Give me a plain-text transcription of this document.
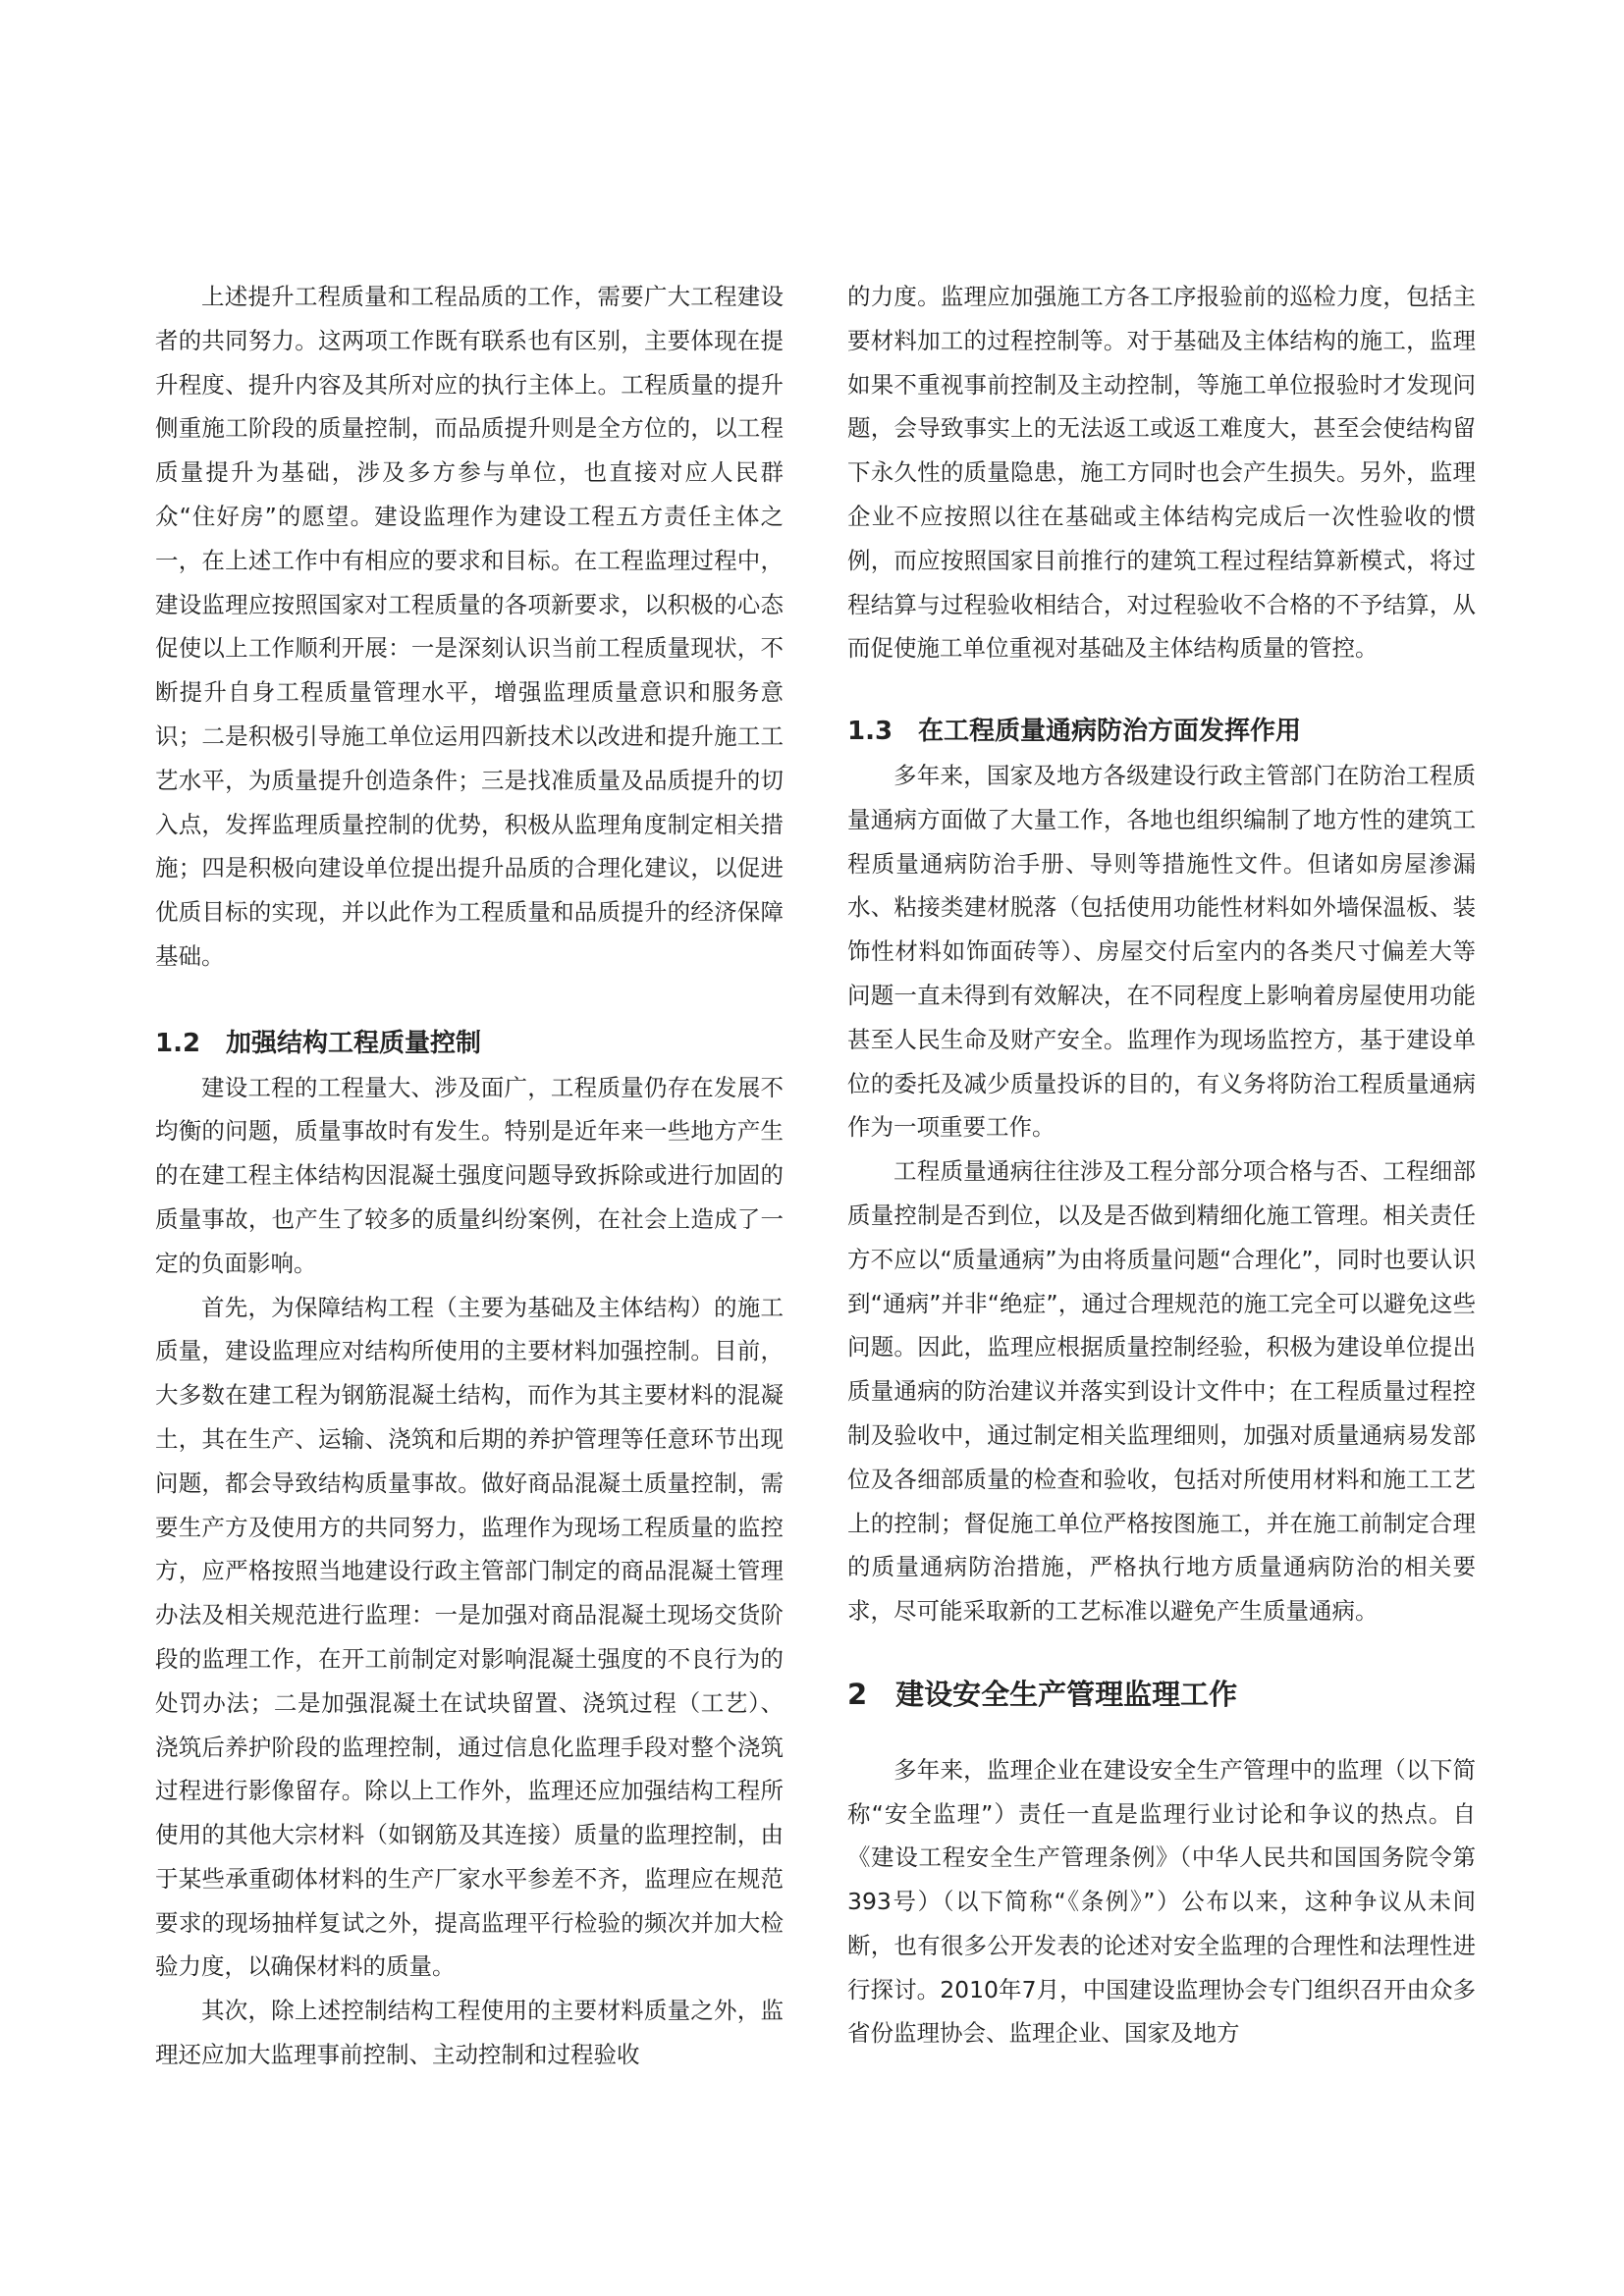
上述提升工程质量和工程品质的工作，需要广大工程建设者的共同努力。这两项工作既有联系也有区别，主要体现在提升程度、提升内容及其所对应的执行主体上。工程质量的提升侧重施工阶段的质量控制，而品质提升则是全方位的，以工程质量提升为基础，涉及多方参与单位，也直接对应人民群众“住好房”的愿望。建设监理作为建设工程五方责任主体之一，在上述工作中有相应的要求和目标。在工程监理过程中，建设监理应按照国家对工程质量的各项新要求，以积极的心态促使以上工作顺利开展：一是深刻认识当前工程质量现状，不断提升自身工程质量管理水平，增强监理质量意识和服务意识；二是积极引导施工单位运用四新技术以改进和提升施工工艺水平，为质量提升创造条件；三是找准质量及品质提升的切入点，发挥监理质量控制的优势，积极从监理角度制定相关措施；四是积极向建设单位提出提升品质的合理化建议，以促进优质目标的实现，并以此作为工程质量和品质提升的经济保障基础。

1.2　加强结构工程质量控制

建设工程的工程量大、涉及面广，工程质量仍存在发展不均衡的问题，质量事故时有发生。特别是近年来一些地方产生的在建工程主体结构因混凝土强度问题导致拆除或进行加固的质量事故，也产生了较多的质量纠纷案例，在社会上造成了一定的负面影响。

首先，为保障结构工程（主要为基础及主体结构）的施工质量，建设监理应对结构所使用的主要材料加强控制。目前，大多数在建工程为钢筋混凝土结构，而作为其主要材料的混凝土，其在生产、运输、浇筑和后期的养护管理等任意环节出现问题，都会导致结构质量事故。做好商品混凝土质量控制，需要生产方及使用方的共同努力，监理作为现场工程质量的监控方，应严格按照当地建设行政主管部门制定的商品混凝土管理办法及相关规范进行监理：一是加强对商品混凝土现场交货阶段的监理工作，在开工前制定对影响混凝土强度的不良行为的处罚办法；二是加强混凝土在试块留置、浇筑过程（工艺）、浇筑后养护阶段的监理控制，通过信息化监理手段对整个浇筑过程进行影像留存。除以上工作外，监理还应加强结构工程所使用的其他大宗材料（如钢筋及其连接）质量的监理控制，由于某些承重砌体材料的生产厂家水平参差不齐，监理应在规范要求的现场抽样复试之外，提高监理平行检验的频次并加大检验力度，以确保材料的质量。

其次，除上述控制结构工程使用的主要材料质量之外，监理还应加大监理事前控制、主动控制和过程验收

的力度。监理应加强施工方各工序报验前的巡检力度，包括主要材料加工的过程控制等。对于基础及主体结构的施工，监理如果不重视事前控制及主动控制，等施工单位报验时才发现问题，会导致事实上的无法返工或返工难度大，甚至会使结构留下永久性的质量隐患，施工方同时也会产生损失。另外，监理企业不应按照以往在基础或主体结构完成后一次性验收的惯例，而应按照国家目前推行的建筑工程过程结算新模式，将过程结算与过程验收相结合，对过程验收不合格的不予结算，从而促使施工单位重视对基础及主体结构质量的管控。

1.3　在工程质量通病防治方面发挥作用

多年来，国家及地方各级建设行政主管部门在防治工程质量通病方面做了大量工作，各地也组织编制了地方性的建筑工程质量通病防治手册、导则等措施性文件。但诸如房屋渗漏水、粘接类建材脱落（包括使用功能性材料如外墙保温板、装饰性材料如饰面砖等）、房屋交付后室内的各类尺寸偏差大等问题一直未得到有效解决，在不同程度上影响着房屋使用功能甚至人民生命及财产安全。监理作为现场监控方，基于建设单位的委托及减少质量投诉的目的，有义务将防治工程质量通病作为一项重要工作。

工程质量通病往往涉及工程分部分项合格与否、工程细部质量控制是否到位，以及是否做到精细化施工管理。相关责任方不应以“质量通病”为由将质量问题“合理化”，同时也要认识到“通病”并非“绝症”，通过合理规范的施工完全可以避免这些问题。因此，监理应根据质量控制经验，积极为建设单位提出质量通病的防治建议并落实到设计文件中；在工程质量过程控制及验收中，通过制定相关监理细则，加强对质量通病易发部位及各细部质量的检查和验收，包括对所使用材料和施工工艺上的控制；督促施工单位严格按图施工，并在施工前制定合理的质量通病防治措施，严格执行地方质量通病防治的相关要求，尽可能采取新的工艺标准以避免产生质量通病。

2　建设安全生产管理监理工作

多年来，监理企业在建设安全生产管理中的监理（以下简称“安全监理”）责任一直是监理行业讨论和争议的热点。自《建设工程安全生产管理条例》（中华人民共和国国务院令第393号）（以下简称“《条例》”）公布以来，这种争议从未间断，也有很多公开发表的论述对安全监理的合理性和法理性进行探讨。2010年7月，中国建设监理协会专门组织召开由众多省份监理协会、监理企业、国家及地方
